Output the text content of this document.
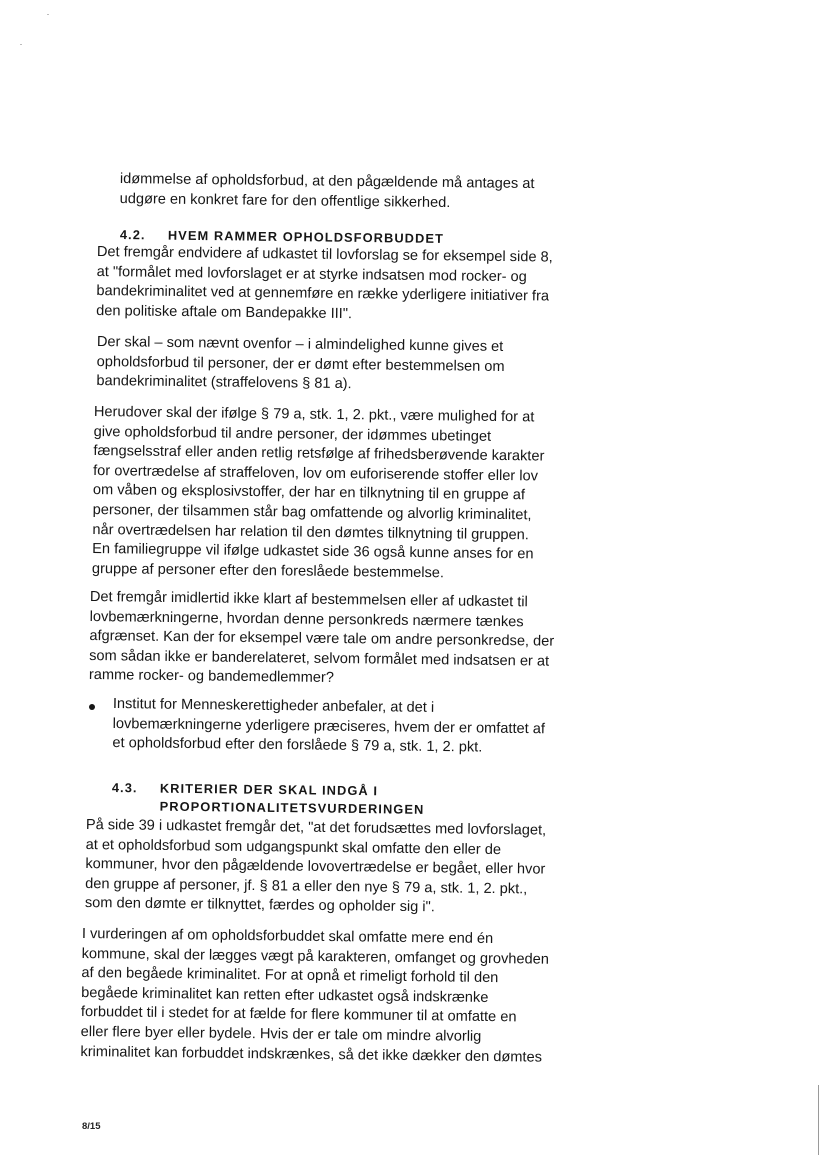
idømmelse af opholdsforbud, at den pågældende må antages at
udgøre en konkret fare for den offentlige sikkerhed.

4.2. HVEM RAMMER OPHOLDSFORBUDDET

Det fremgår endvidere af udkastet til lovforslag se for eksempel side 8,
at "formålet med lovforslaget er at styrke indsatsen mod rocker- og
bandekriminalitet ved at gennemføre en række yderligere initiativer fra
den politiske aftale om Bandepakke III".

Der skal – som nævnt ovenfor – i almindelighed kunne gives et
opholdsforbud til personer, der er dømt efter bestemmelsen om
bandekriminalitet (straffelovens § 81 a).

Herudover skal der ifølge § 79 a, stk. 1, 2. pkt., være mulighed for at
give opholdsforbud til andre personer, der idømmes ubetinget
fængselsstraf eller anden retlig retsfølge af frihedsberøvende karakter
for overtrædelse af straffeloven, lov om euforiserende stoffer eller lov
om våben og eksplosivstoffer, der har en tilknytning til en gruppe af
personer, der tilsammen står bag omfattende og alvorlig kriminalitet,
når overtrædelsen har relation til den dømtes tilknytning til gruppen.
En familiegruppe vil ifølge udkastet side 36 også kunne anses for en
gruppe af personer efter den foreslåede bestemmelse.

Det fremgår imidlertid ikke klart af bestemmelsen eller af udkastet til
lovbemærkningerne, hvordan denne personkreds nærmere tænkes
afgrænset. Kan der for eksempel være tale om andre personkredse, der
som sådan ikke er banderelateret, selvom formålet med indsatsen er at
ramme rocker- og bandemedlemmer?

Institut for Menneskerettigheder anbefaler, at det i
lovbemærkningerne yderligere præciseres, hvem der er omfattet af
et opholdsforbud efter den forslåede § 79 a, stk. 1, 2. pkt.

4.3. KRITERIER DER SKAL INDGÅ I
PROPORTIONALITETSVURDERINGEN

På side 39 i udkastet fremgår det, "at det forudsættes med lovforslaget,
at et opholdsforbud som udgangspunkt skal omfatte den eller de
kommuner, hvor den pågældende lovovertrædelse er begået, eller hvor
den gruppe af personer, jf. § 81 a eller den nye § 79 a, stk. 1, 2. pkt.,
som den dømte er tilknyttet, færdes og opholder sig i".

I vurderingen af om opholdsforbuddet skal omfatte mere end én
kommune, skal der lægges vægt på karakteren, omfanget og grovheden
af den begåede kriminalitet. For at opnå et rimeligt forhold til den
begåede kriminalitet kan retten efter udkastet også indskrænke
forbuddet til i stedet for at fælde for flere kommuner til at omfatte en
eller flere byer eller bydele. Hvis der er tale om mindre alvorlig
kriminalitet kan forbuddet indskrænkes, så det ikke dækker den dømtes

8/15
